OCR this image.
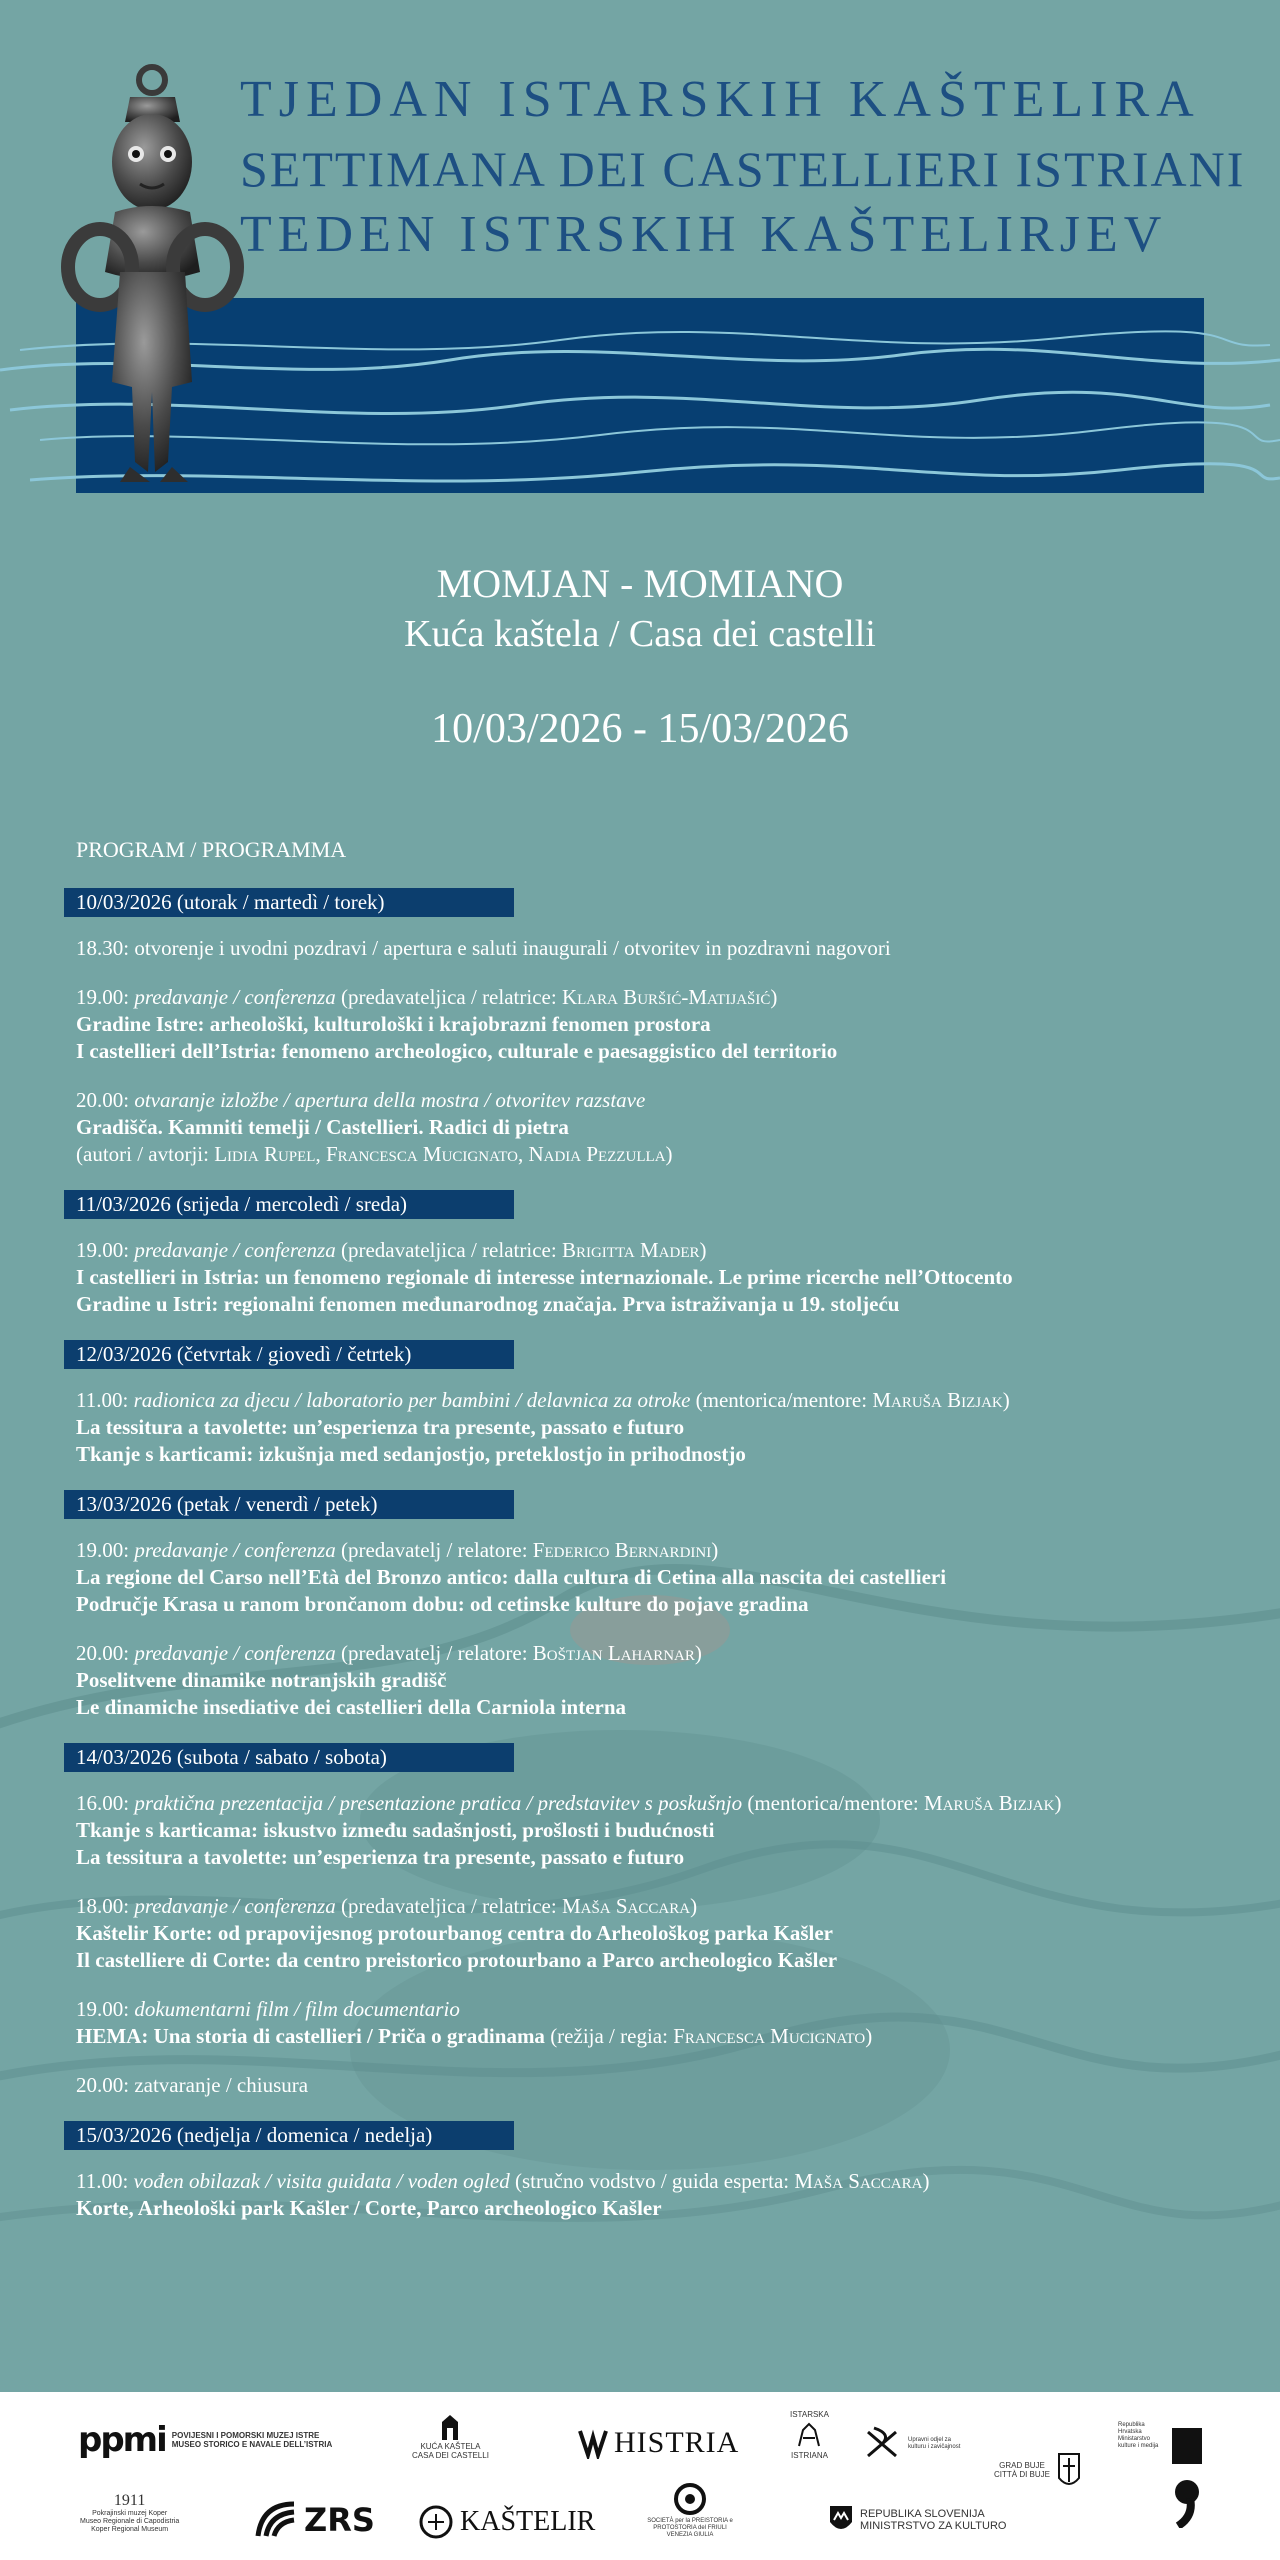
TJEDAN ISTARSKIH KAŠTELIRA
SETTIMANA DEI CASTELLIERI ISTRIANI
TEDEN ISTRSKIH KAŠTELIRJEV
MOMJAN - MOMIANO
Kuća kaštela / Casa dei castelli
10/03/2026 - 15/03/2026
PROGRAM / PROGRAMMA
10/03/2026 (utorak / martedì / torek)

18.30: otvorenje i uvodni pozdravi / apertura e saluti inaugurali / otvoritev in pozdravni nagovori

19.00: predavanje / conferenza (predavateljica / relatrice: Klara Buršić-Matijašić)

Gradine Istre: arheološki, kulturološki i krajobrazni fenomen prostora

I castellieri dell’Istria: fenomeno archeologico, culturale e paesaggistico del territorio

20.00: otvaranje izložbe / apertura della mostra / otvoritev razstave

Gradišča. Kamniti temelji / Castellieri. Radici di pietra

(autori / avtorji: Lidia Rupel, Francesca Mucignato, Nadia Pezzulla)

11/03/2026 (srijeda / mercoledì / sreda)

19.00: predavanje / conferenza (predavateljica / relatrice: Brigitta Mader)

I castellieri in Istria: un fenomeno regionale di interesse internazionale. Le prime ricerche nell’Ottocento

Gradine u Istri: regionalni fenomen međunarodnog značaja. Prva istraživanja u 19. stoljeću

12/03/2026 (četvrtak / giovedì / četrtek)

11.00: radionica za djecu / laboratorio per bambini / delavnica za otroke (mentorica/mentore: Maruša Bizjak)

La tessitura a tavolette: un’esperienza tra presente, passato e futuro

Tkanje s karticami: izkušnja med sedanjostjo, preteklostjo in prihodnostjo

13/03/2026 (petak / venerdì / petek)

19.00: predavanje / conferenza (predavatelj / relatore: Federico Bernardini)

La regione del Carso nell’Età del Bronzo antico: dalla cultura di Cetina alla nascita dei castellieri

Područje Krasa u ranom brončanom dobu: od cetinske kulture do pojave gradina

20.00: predavanje / conferenza (predavatelj / relatore: Boštjan Laharnar)

Poselitvene dinamike notranjskih gradišč

Le dinamiche insediative dei castellieri della Carniola interna

14/03/2026 (subota / sabato / sobota)

16.00: praktična prezentacija / presentazione pratica / predstavitev s poskušnjo (mentorica/mentore: Maruša Bizjak)

Tkanje s karticama: iskustvo između sadašnjosti, prošlosti i budućnosti

La tessitura a tavolette: un’esperienza tra presente, passato e futuro

18.00: predavanje / conferenza (predavateljica / relatrice: Maša Saccara)

Kaštelir Korte: od prapovijesnog protourbanog centra do Arheološkog parka Kašler

Il castelliere di Corte: da centro preistorico protourbano a Parco archeologico Kašler

19.00: dokumentarni film / film documentario

HEMA: Una storia di castellieri / Priča o gradinama (režija / regia: Francesca Mucignato)

20.00: zatvaranje / chiusura

15/03/2026 (nedjelja / domenica / nedelja)

11.00: vođen obilazak / visita guidata / voden ogled (stručno vodstvo / guida esperta: Maša Saccara)

Korte, Arheološki park Kašler / Corte, Parco archeologico Kašler

ppmi POVIJESNI I POMORSKI MUZEJ ISTRE
MUSEO STORICO E NAVALE DELL’ISTRIA	KUĆA KAŠTELA
CASA DEI CASTELLI	HISTRIA
ISTARSKA
ISTRIANA
Upravni odjel za kulturu i zavičajnost
GRAD BUJE
CITTÀ DI BUJE
Republika Hrvatska Ministarstvo kulture i medija
1911
Pokrajinski muzej Koper
Museo Regionale di Capodistria
Koper Regional Museum	ZRS	KAŠTELIR	SOCIETÀ per la PREISTORIA e PROTOSTORIA del FRIULI VENEZIA GIULIA
REPUBLIKA SLOVENIJA
MINISTRSTVO ZA KULTURO
